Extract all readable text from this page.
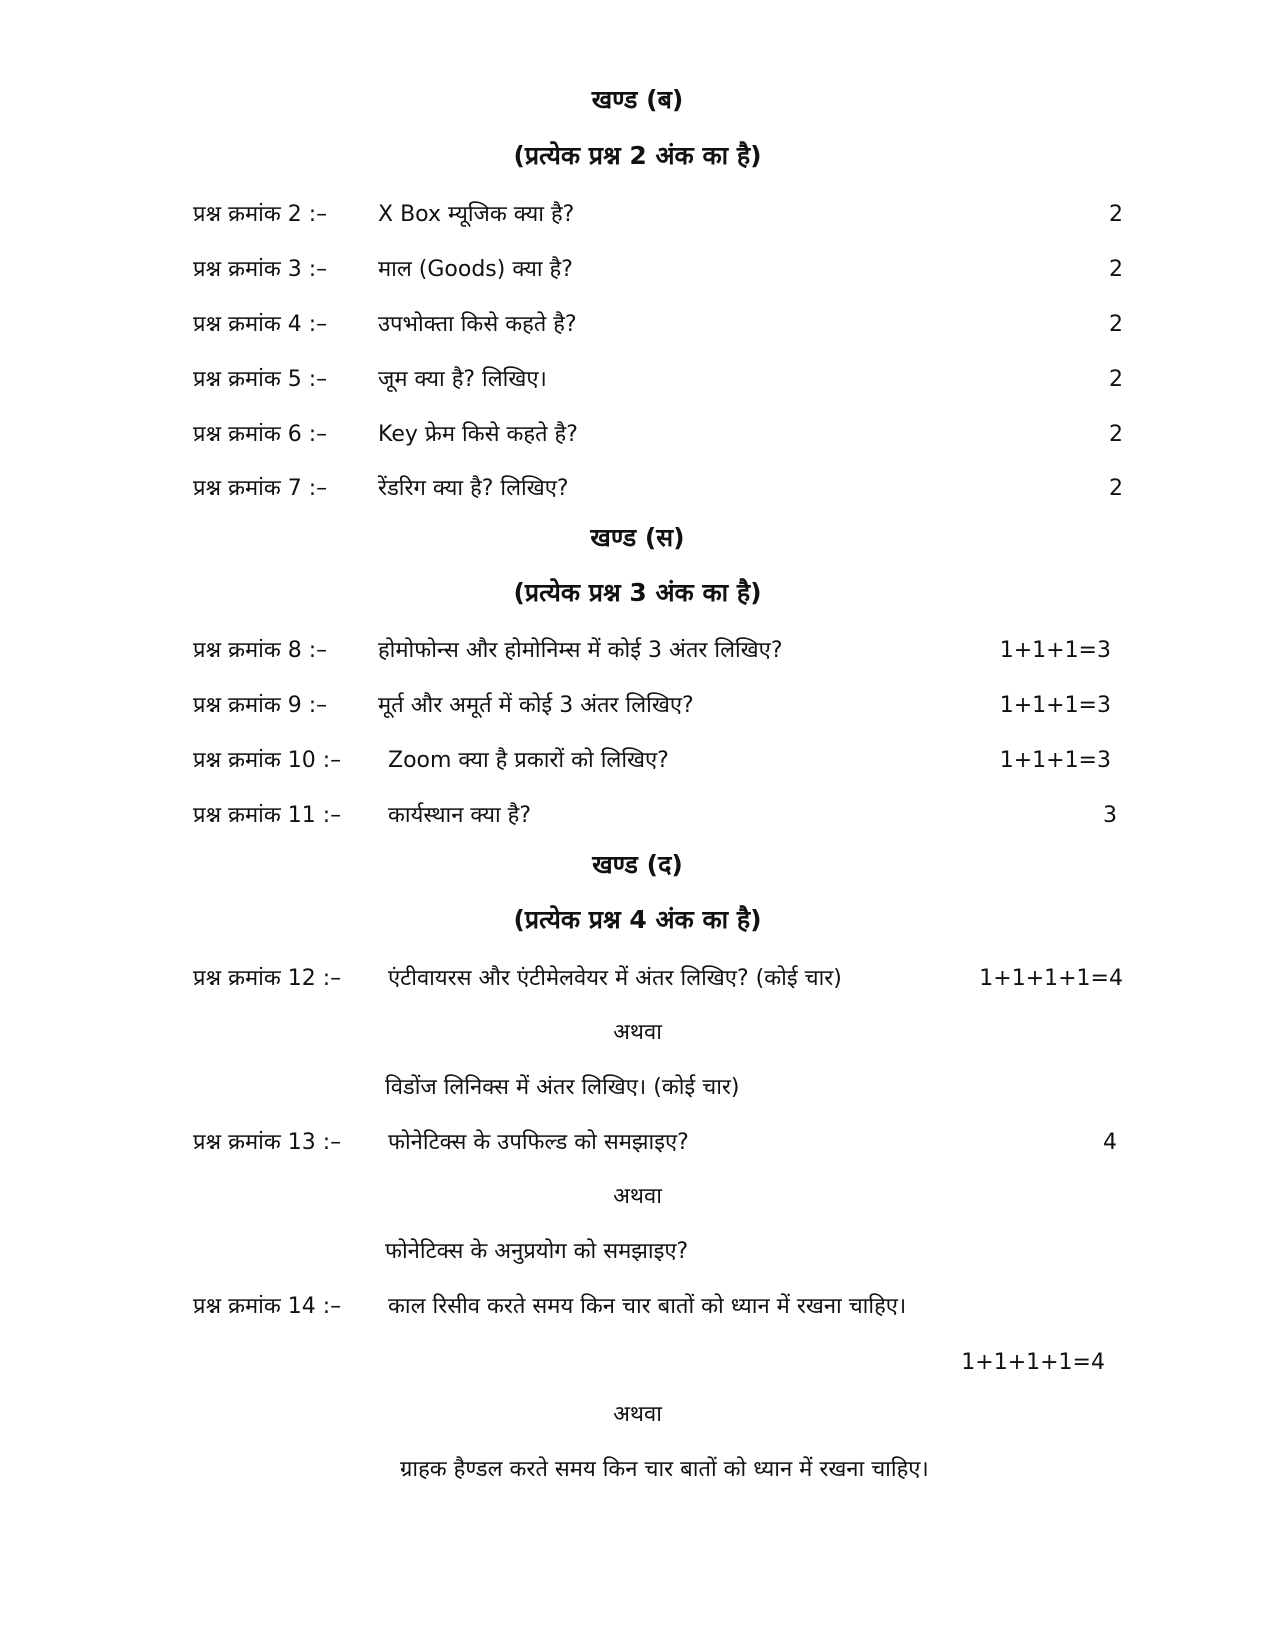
खण्ड (ब)
(प्रत्येक प्रश्न 2 अंक का है)
प्रश्न क्रमांक 2 :– X Box म्यूजिक क्या है?	2
प्रश्न क्रमांक 3 :– माल (Goods) क्या है?	2
प्रश्न क्रमांक 4 :– उपभोक्ता किसे कहते है?	2
प्रश्न क्रमांक 5 :– जूम क्या है? लिखिए।	2
प्रश्न क्रमांक 6 :– Key फ्रेम किसे कहते है?	2
प्रश्न क्रमांक 7 :– रेंडरिग क्या है? लिखिए?	2
खण्ड (स)
(प्रत्येक प्रश्न 3 अंक का है)
प्रश्न क्रमांक 8 :– होमोफोन्स और होमोनिम्स में कोई 3 अंतर लिखिए?	1+1+1=3
प्रश्न क्रमांक 9 :– मूर्त और अमूर्त में कोई 3 अंतर लिखिए?	1+1+1=3
प्रश्न क्रमांक 10 :– Zoom क्या है प्रकारों को लिखिए?	1+1+1=3
प्रश्न क्रमांक 11 :– कार्यस्थान क्या है?	3
खण्ड (द)
(प्रत्येक प्रश्न 4 अंक का है)
प्रश्न क्रमांक 12 :– एंटीवायरस और एंटीमेलवेयर में अंतर लिखिए? (कोई चार)	1+1+1+1=4
अथवा
विडोंज लिनिक्स में अंतर लिखिए। (कोई चार)
प्रश्न क्रमांक 13 :– फोनेटिक्स के उपफिल्ड को समझाइए?	4
अथवा
फोनेटिक्स के अनुप्रयोग को समझाइए?
प्रश्न क्रमांक 14 :– काल रिसीव करते समय किन चार बातों को ध्यान में रखना चाहिए।
1+1+1+1=4
अथवा
ग्राहक हैण्डल करते समय किन चार बातों को ध्यान में रखना चाहिए।
